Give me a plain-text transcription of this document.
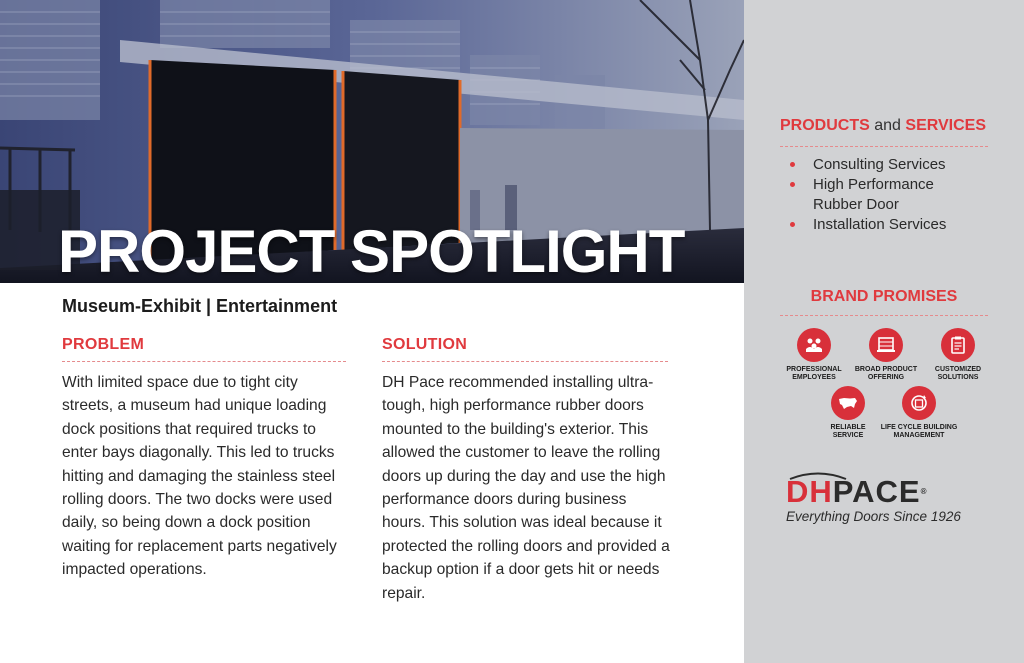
PROJECT SPOTLIGHT
Museum-Exhibit | Entertainment
PROBLEM
With limited space due to tight city streets, a museum had unique loading dock positions that required trucks to enter bays diagonally. This led to trucks hitting and damaging the stainless steel rolling doors. The two docks were used daily, so being down a dock position waiting for replacement parts negatively impacted operations.
SOLUTION
DH Pace recommended installing ultra-tough, high performance rubber doors mounted to the building's exterior. This allowed the customer to leave the rolling doors up during the day and use the high performance doors during business hours. This solution was ideal because it protected the rolling doors and provided a backup option if a door gets hit or needs repair.
PRODUCTS and SERVICES
Consulting Services
High Performance Rubber Door
Installation Services
BRAND PROMISES
PROFESSIONAL
EMPLOYEES
BROAD PRODUCT
OFFERING
CUSTOMIZED
SOLUTIONS
RELIABLE
SERVICE
LIFE CYCLE BUILDING
MANAGEMENT
DHPACE®
Everything Doors Since 1926
